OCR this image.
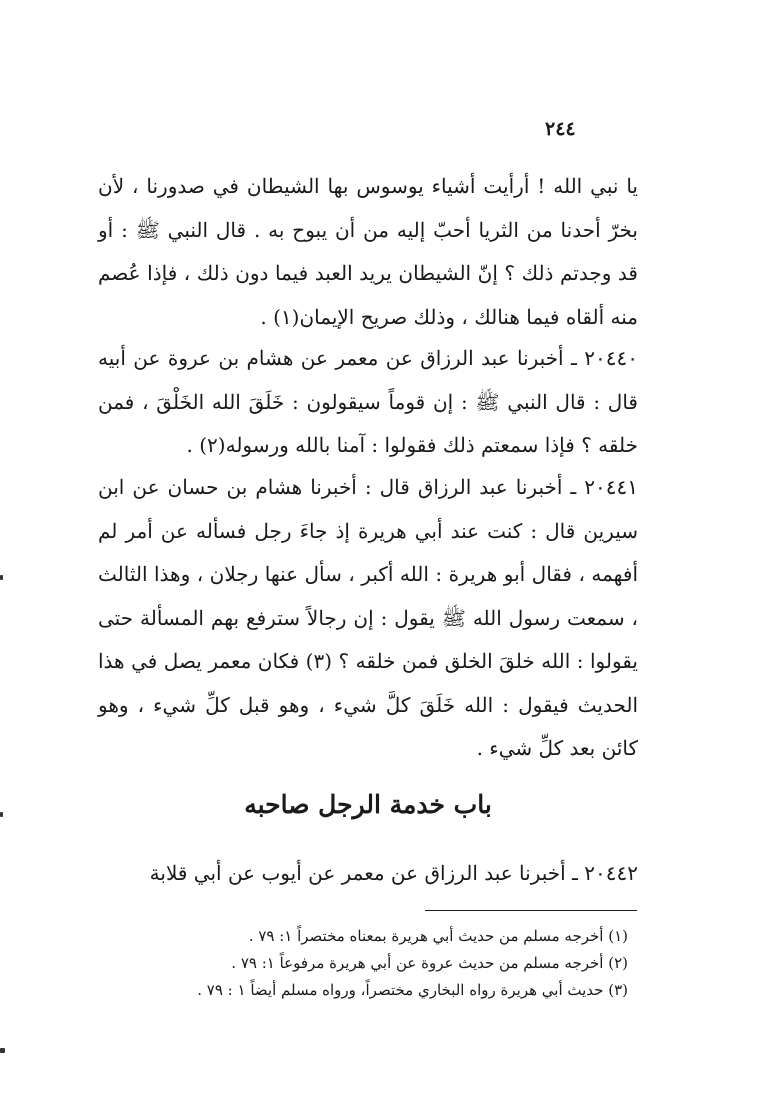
٢٤٤
يا نبي الله ! أرأيت أشياء يوسوس بها الشيطان في صدورنا ، لأن بخرّ أحدنا من الثريا أحبّ إليه من أن يبوح به . قال النبي ﷺ : أو قد وجدتم ذلك ؟ إنّ الشيطان يريد العبد فيما دون ذلك ، فإذا عُصم منه ألقاه فيما هنالك ، وذلك صريح الإيمان(١) .
٢٠٤٤٠ ـ أخبرنا عبد الرزاق عن معمر عن هشام بن عروة عن أبيه قال : قال النبي ﷺ : إن قوماً سيقولون : خَلَقَ الله الخَلْقَ ، فمن خلقه ؟ فإذا سمعتم ذلك فقولوا : آمنا بالله ورسوله(٢) .
٢٠٤٤١ ـ أخبرنا عبد الرزاق قال : أخبرنا هشام بن حسان عن ابن سيرين قال : كنت عند أبي هريرة إذ جاءَ رجل فسأله عن أمر لم أفهمه ، فقال أبو هريرة : الله أكبر ، سأل عنها رجلان ، وهذا الثالث ، سمعت رسول الله ﷺ يقول : إن رجالاً سترفع بهم المسألة حتى يقولوا : الله خلقَ الخلق فمن خلقه ؟ (٣) فكان معمر يصل في هذا الحديث فيقول : الله خَلَقَ كلَّ شيء ، وهو قبل كلِّ شيء ، وهو كائن بعد كلِّ شيء .
باب خدمة الرجل صاحبه
٢٠٤٤٢ ـ أخبرنا عبد الرزاق عن معمر عن أيوب عن أبي قلابة
(١) أخرجه مسلم من حديث أبي هريرة بمعناه مختصراً ١: ٧٩ .
(٢) أخرجه مسلم من حديث عروة عن أبي هريرة مرفوعاً ١: ٧٩ .
(٣) حديث أبي هريرة رواه البخاري مختصراً، ورواه مسلم أيضاً ١ : ٧٩ .
